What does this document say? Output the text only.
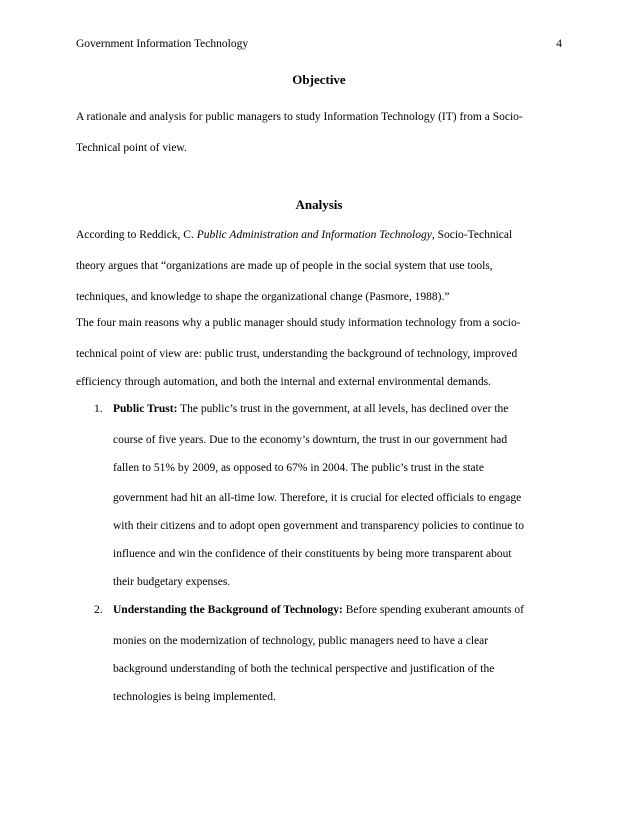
Government Information Technology	4
Objective
A rationale and analysis for public managers to study Information Technology (IT) from a Socio-
Technical point of view.
Analysis
According to Reddick, C. Public Administration and Information Technology, Socio-Technical
theory argues that “organizations are made up of people in the social system that use tools,
techniques, and knowledge to shape the organizational change (Pasmore, 1988).”
The four main reasons why a public manager should study information technology from a socio-
technical point of view are: public trust, understanding the background of technology, improved
efficiency through automation, and both the internal and external environmental demands.
1. Public Trust: The public’s trust in the government, at all levels, has declined over the
course of five years. Due to the economy’s downturn, the trust in our government had
fallen to 51% by 2009, as opposed to 67% in 2004. The public’s trust in the state
government had hit an all-time low. Therefore, it is crucial for elected officials to engage
with their citizens and to adopt open government and transparency policies to continue to
influence and win the confidence of their constituents by being more transparent about
their budgetary expenses.
2. Understanding the Background of Technology: Before spending exuberant amounts of
monies on the modernization of technology, public managers need to have a clear
background understanding of both the technical perspective and justification of the
technologies is being implemented.
